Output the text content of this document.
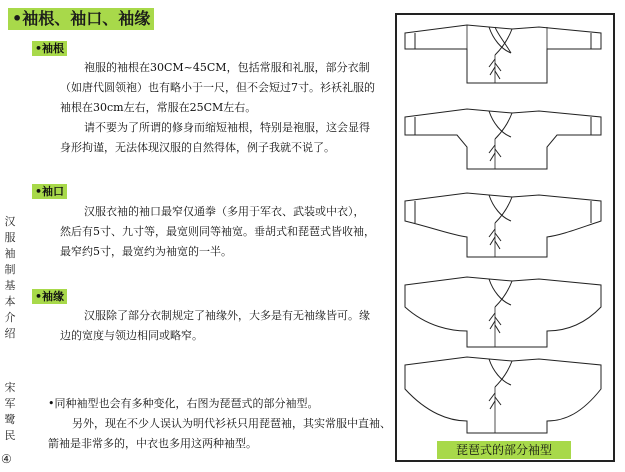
•袖根、袖口、袖缘
•袖根

袍服的袖根在30CM~45CM，包括常服和礼服，部分衣制（如唐代圆领袍）也有略小于一尺，但不会短过7寸。衫袄礼服的袖根在30cm左右，常服在25CM左右。

请不要为了所谓的修身而缩短袖根，特别是袍服，这会显得身形拘谨，无法体现汉服的自然得体，例子我就不说了。

•袖口

汉服衣袖的袖口最窄仅通拳（多用于军衣、武装或中衣），然后有5寸、九寸等，最宽则同等袖宽。垂胡式和琵琶式皆收袖，最窄约5寸，最宽约为袖宽的一半。

•袖缘

汉服除了部分衣制规定了袖缘外，大多是有无袖缘皆可。缘边的宽度与领边相同或略窄。

•同种袖型也会有多种变化，右图为琵琶式的部分袖型。

另外，现在不少人误认为明代衫袄只用琵琶袖，其实常服中直袖、箭袖是非常多的，中衣也多用这两种袖型。

汉服袖制基本介绍
宋军鹭民
④
琵琶式的部分袖型
